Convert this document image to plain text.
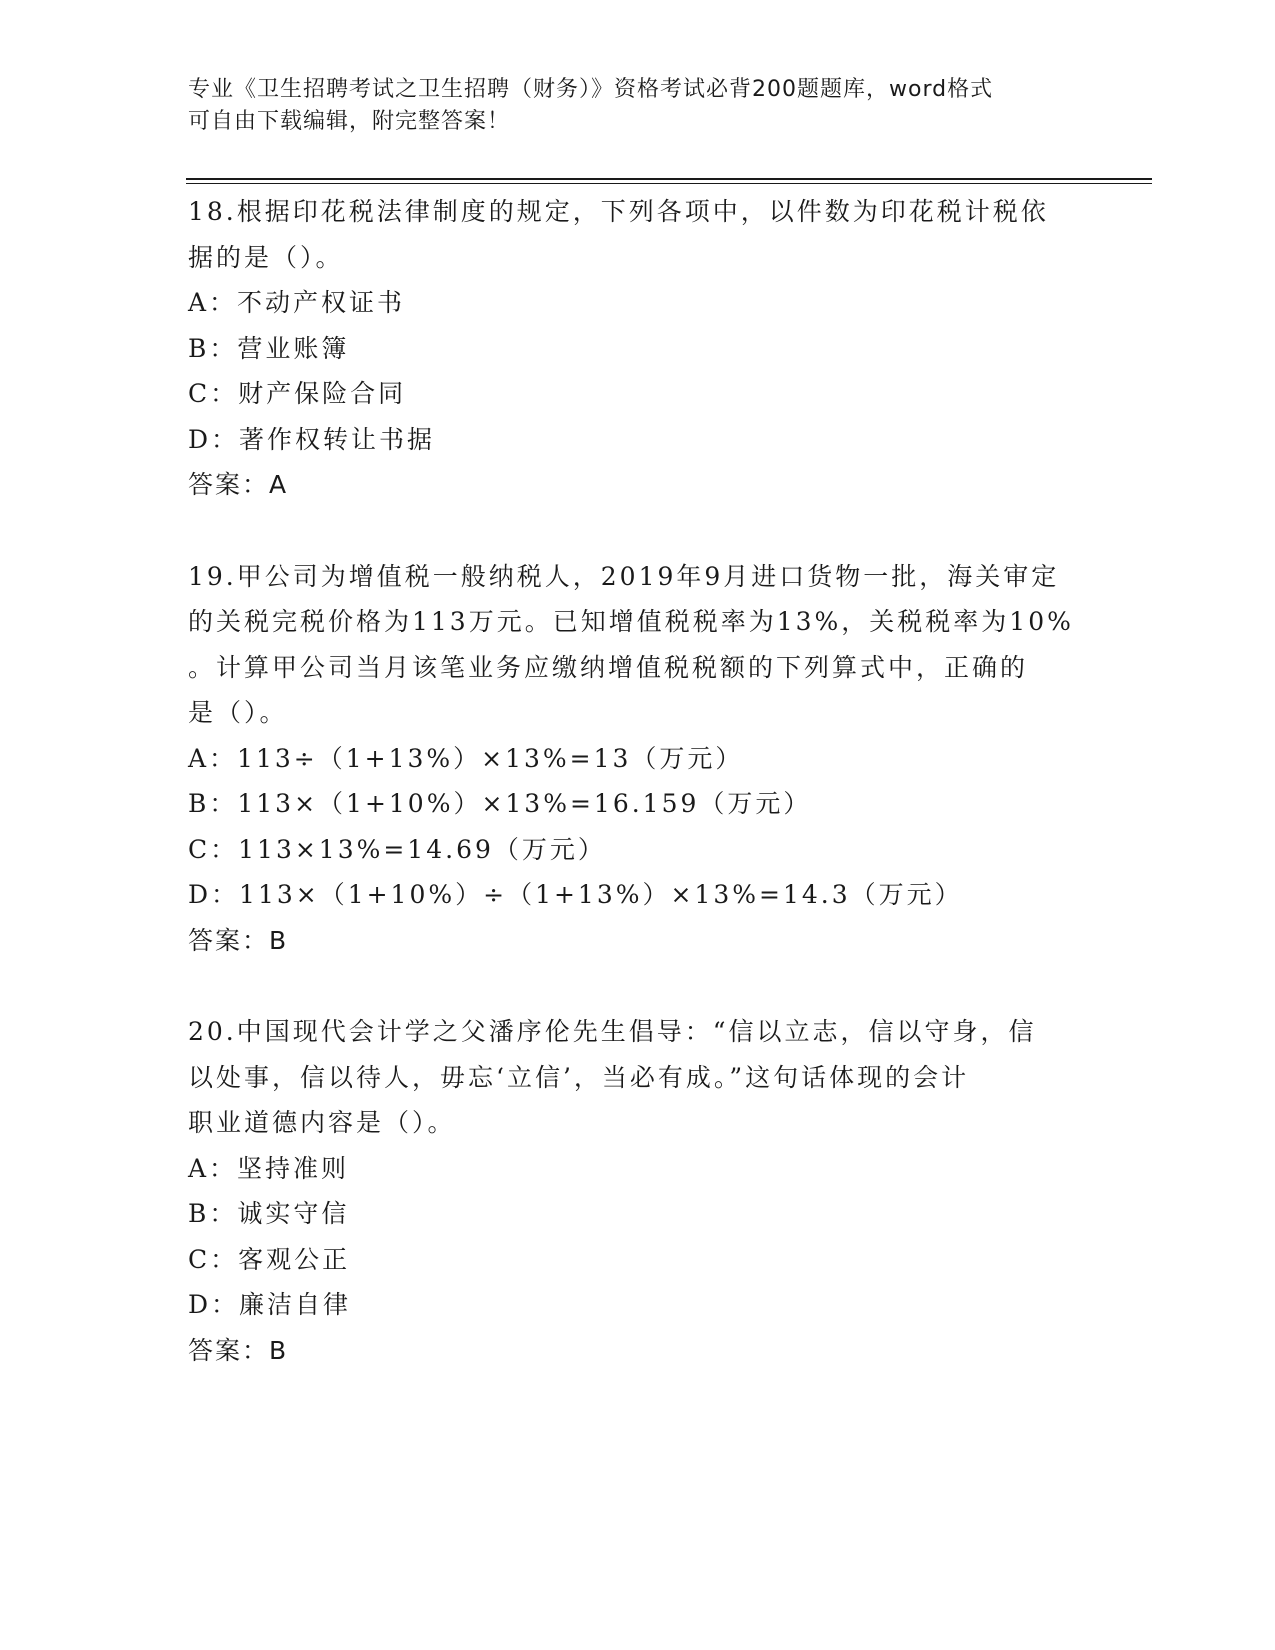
专业《卫生招聘考试之卫生招聘（财务）》资格考试必背200题题库，word格式
可自由下载编辑，附完整答案！
18.根据印花税法律制度的规定，下列各项中，以件数为印花税计税依
据的是（）。
A：不动产权证书
B：营业账簿
C：财产保险合同
D：著作权转让书据
答案：A
19.甲公司为增值税一般纳税人，2019年9月进口货物一批，海关审定
的关税完税价格为113万元。已知增值税税率为13%，关税税率为10%
。计算甲公司当月该笔业务应缴纳增值税税额的下列算式中，正确的
是（）。
A：113÷（1+13%）×13%=13（万元）
B：113×（1+10%）×13%=16.159（万元）
C：113×13%=14.69（万元）
D：113×（1+10%）÷（1+13%）×13%=14.3（万元）
答案：B
20.中国现代会计学之父潘序伦先生倡导：“信以立志，信以守身，信
以处事，信以待人，毋忘‘立信’，当必有成。”这句话体现的会计
职业道德内容是（）。
A：坚持准则
B：诚实守信
C：客观公正
D：廉洁自律
答案：B
